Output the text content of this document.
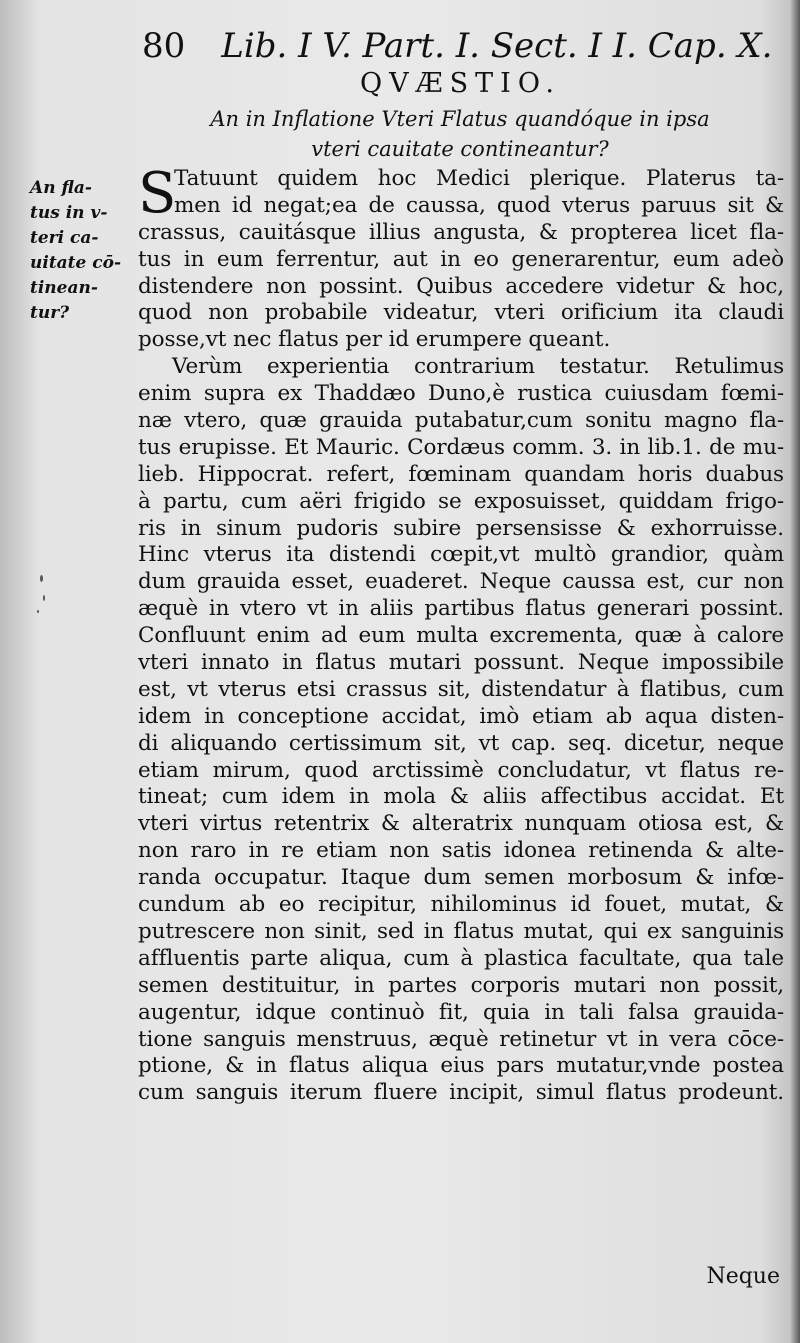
80 Lib. I V. Part. I. Sect. I I. Cap. X.
QVÆSTIO.
An in Inflatione Vteri Flatus quandóque in ipsa
vteri cauitate contineantur?
An fla-
tus in v-
teri ca-
uitate cō-
tinean-
tur?
S
Tatuunt quidem hoc Medici plerique. Platerus ta-
men id negat;ea de caussa, quod vterus paruus sit &
crassus, cauitásque illius angusta, & propterea licet fla-
tus in eum ferrentur, aut in eo generarentur, eum adeò
distendere non possint. Quibus accedere videtur & hoc,
quod non probabile videatur, vteri orificium ita claudi
posse,vt nec flatus per id erumpere queant.
Verùm experientia contrarium testatur. Retulimus
enim supra ex Thaddæo Duno,è rustica cuiusdam fœmi-
næ vtero, quæ grauida putabatur,cum sonitu magno fla-
tus erupisse. Et Mauric. Cordæus comm. 3. in lib.1. de mu-
lieb. Hippocrat. refert, fœminam quandam horis duabus
à partu, cum aëri frigido se exposuisset, quiddam frigo-
ris in sinum pudoris subire persensisse & exhorruisse.
Hinc vterus ita distendi cœpit,vt multò grandior, quàm
dum grauida esset, euaderet. Neque caussa est, cur non
æquè in vtero vt in aliis partibus flatus generari possint.
Confluunt enim ad eum multa excrementa, quæ à calore
vteri innato in flatus mutari possunt. Neque impossibile
est, vt vterus etsi crassus sit, distendatur à flatibus, cum
idem in conceptione accidat, imò etiam ab aqua disten-
di aliquando certissimum sit, vt cap. seq. dicetur, neque
etiam mirum, quod arctissimè concludatur, vt flatus re-
tineat; cum idem in mola & aliis affectibus accidat. Et
vteri virtus retentrix & alteratrix nunquam otiosa est, &
non raro in re etiam non satis idonea retinenda & alte-
randa occupatur. Itaque dum semen morbosum & infœ-
cundum ab eo recipitur, nihilominus id fouet, mutat, &
putrescere non sinit, sed in flatus mutat, qui ex sanguinis
affluentis parte aliqua, cum à plastica facultate, qua tale
semen destituitur, in partes corporis mutari non possit,
augentur, idque continuò fit, quia in tali falsa grauida-
tione sanguis menstruus, æquè retinetur vt in vera cōce-
ptione, & in flatus aliqua eius pars mutatur,vnde postea
cum sanguis iterum fluere incipit, simul flatus prodeunt.
Neque
